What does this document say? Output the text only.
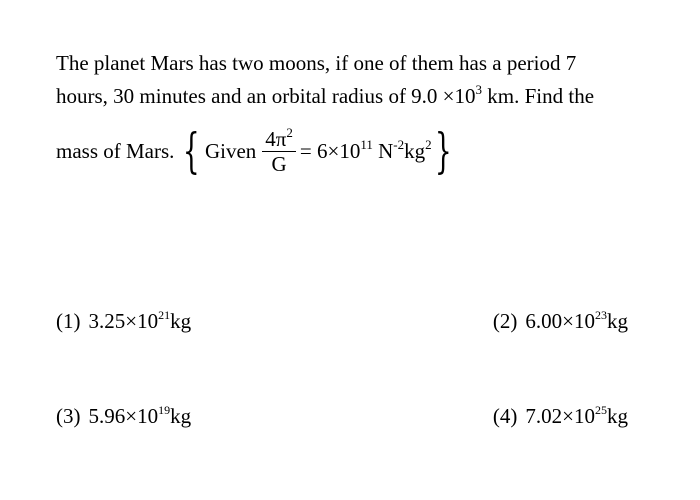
The planet Mars has two moons, if one of them has a period 7
hours, 30 minutes and an orbital radius of $9.0 \times 10^3$ km. Find the
mass of Mars. { Given $\frac{4\pi^2}{G} = 6\times 10^{11}$ $N^{-2}kg^2$ }
(1) $3.25\times 10^{21}kg$	(2) $6.00\times 10^{23}kg$
(3) $5.96\times 10^{19}kg$	(4) $7.02\times 10^{25}kg$
